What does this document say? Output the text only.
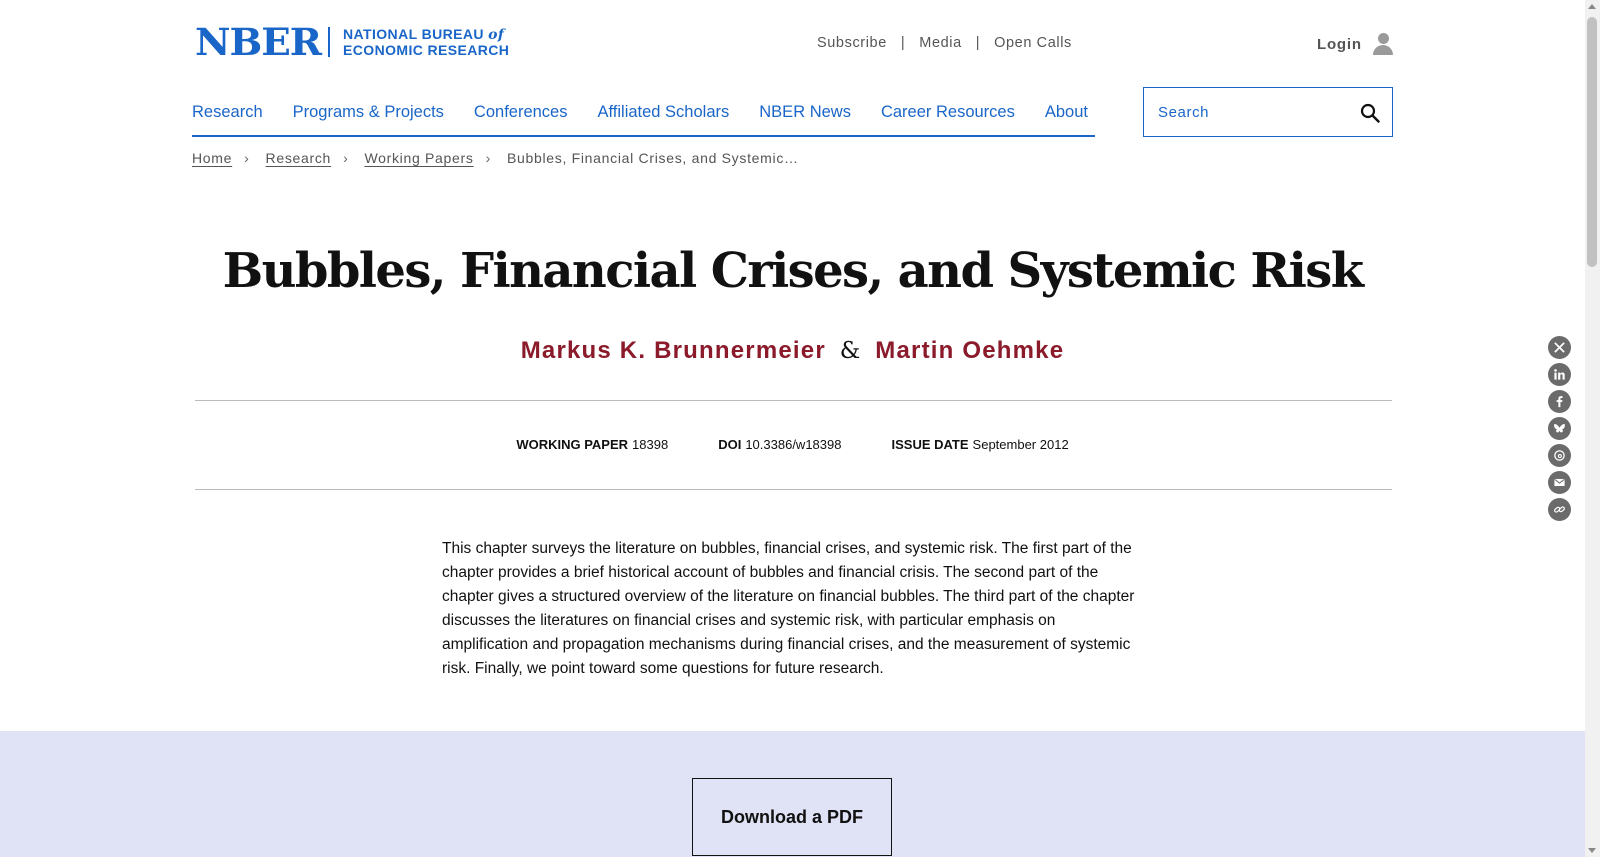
NBER NATIONAL BUREAU of
ECONOMIC RESEARCH	Subscribe | Media | Open Calls	Login
Research Programs & Projects Conferences Affiliated Scholars NBER News Career Resources About
Search
Home › Research › Working Papers › Bubbles, Financial Crises, and Systemic…
Bubbles, Financial Crises, and Systemic Risk
Markus K. Brunnermeier & Martin Oehmke
WORKING PAPER 18398	DOI 10.3386/w18398	ISSUE DATE September 2012

This chapter surveys the literature on bubbles, financial crises, and systemic risk. The first part of the chapter provides a brief historical account of bubbles and financial crisis. The second part of the chapter gives a structured overview of the literature on financial bubbles. The third part of the chapter discusses the literatures on financial crises and systemic risk, with particular emphasis on amplification and propagation mechanisms during financial crises, and the measurement of systemic risk. Finally, we point toward some questions for future research.

Download a PDF
